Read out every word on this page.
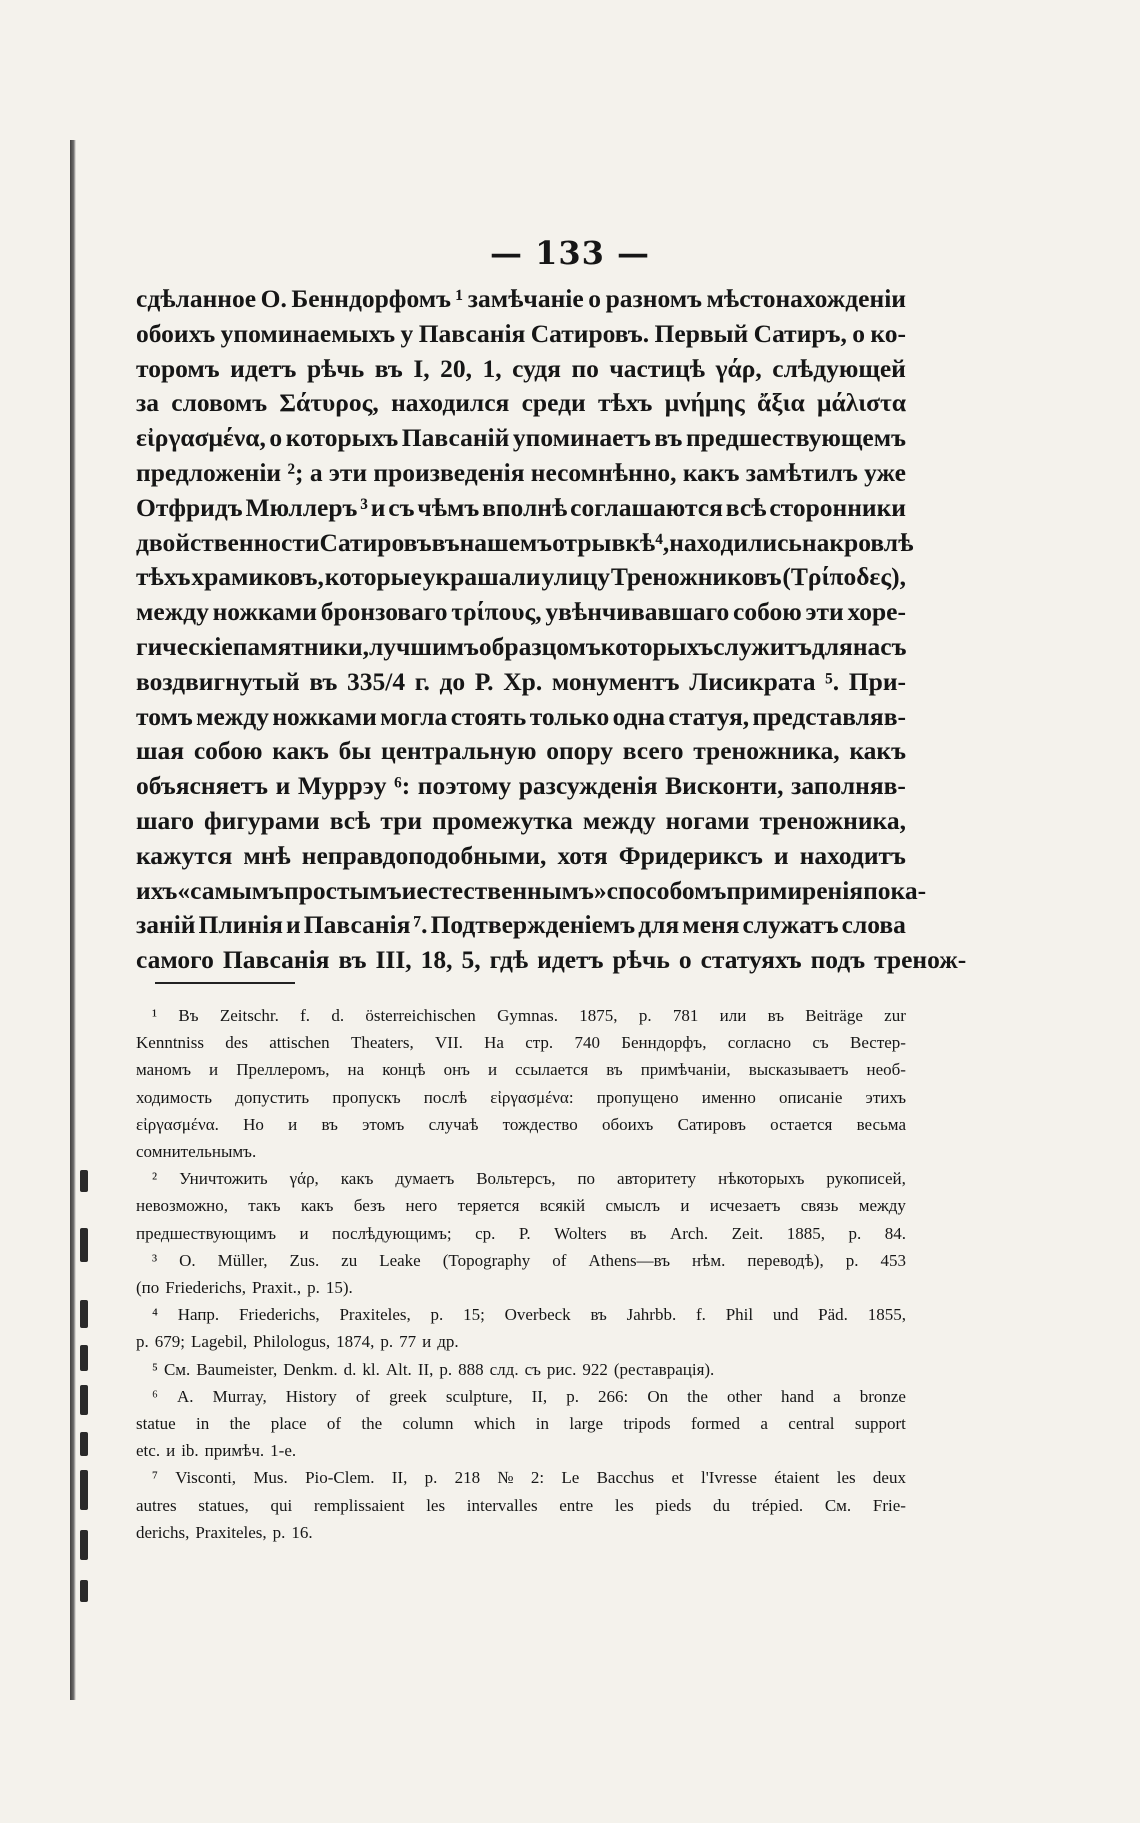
— 133 —
сдѣланное О. Бенндорфомъ ¹ замѣчаніе о разномъ мѣстонахожденіи
обоихъ упоминаемыхъ у Павсанія Сатировъ. Первый Сатиръ, о ко-
торомъ идетъ рѣчь въ I, 20, 1, судя по частицѣ γάρ, слѣдующей
за словомъ Σάτυρος, находился среди тѣхъ μνήμης ἄξια μάλιστα
εἰργασμένα, о которыхъ Павсаній упоминаетъ въ предшествующемъ
предложеніи ²; а эти произведенія несомнѣнно, какъ замѣтилъ уже
Отфридъ Мюллеръ ³ и съ чѣмъ вполнѣ соглашаются всѣ сторонники
двойственности Сатировъ въ нашемъ отрывкѣ ⁴, находились на кровлѣ
тѣхъ храмиковъ, которые украшали улицу Треножниковъ (Τρίποδες),
между ножками бронзоваго τρίπους, увѣнчивавшаго собою эти хоре-
гическіе памятники, лучшимъ образцомъ которыхъ служитъ для насъ
воздвигнутый въ 335/4 г. до Р. Хр. монументъ Лисикрата ⁵. При-
томъ между ножками могла стоять только одна статуя, представляв-
шая собою какъ бы центральную опору всего треножника, какъ
объясняетъ и Муррэу ⁶: поэтому разсужденія Висконти, заполняв-
шаго фигурами всѣ три промежутка между ногами треножника,
кажутся мнѣ неправдоподобными, хотя Фридериксъ и находитъ
ихъ «самымъ простымъ и естественнымъ» способомъ примиренія пока-
заній Плинія и Павсанія ⁷. Подтвержденіемъ для меня служатъ слова
самого Павсанія въ III, 18, 5, гдѣ идетъ рѣчь о статуяхъ подъ тренож-
¹ Въ Zeitschr. f. d. österreichischen Gymnas. 1875, p. 781 или въ Beiträge zur
Kenntniss des attischen Theaters, VII. На стр. 740 Бенндорфъ, согласно съ Вестер-
маномъ и Преллеромъ, на концѣ онъ и ссылается въ примѣчаніи, высказываетъ необ-
ходимость допустить пропускъ послѣ εἰργασμένα: пропущено именно описаніе этихъ
εἰργασμένα. Но и въ этомъ случаѣ тождество обоихъ Сатировъ остается весьма
сомнительнымъ.
² Уничтожить γάρ, какъ думаетъ Вольтерсъ, по авторитету нѣкоторыхъ рукописей,
невозможно, такъ какъ безъ него теряется всякій смыслъ и исчезаетъ связь между
предшествующимъ и послѣдующимъ; ср. P. Wolters въ Arch. Zeit. 1885, p. 84.
³ O. Müller, Zus. zu Leake (Topography of Athens—въ нѣм. переводѣ), p. 453
(по Friederichs, Praxit., p. 15).
⁴ Напр. Friederichs, Praxiteles, p. 15; Overbeck въ Jahrbb. f. Phil und Päd. 1855,
p. 679; Lagebil, Philologus, 1874, p. 77 и др.
⁵ См. Baumeister, Denkm. d. kl. Alt. II, p. 888 слд. съ рис. 922 (реставрація).
⁶ A. Murray, History of greek sculpture, II, p. 266: On the other hand a bronze
statue in the place of the column which in large tripods formed a central support
etc. и ib. примѣч. 1-е.
⁷ Visconti, Mus. Pio-Clem. II, p. 218 № 2: Le Bacchus et l'Ivresse étaient les deux
autres statues, qui remplissaient les intervalles entre les pieds du trépied. См. Frie-
derichs, Praxiteles, p. 16.
